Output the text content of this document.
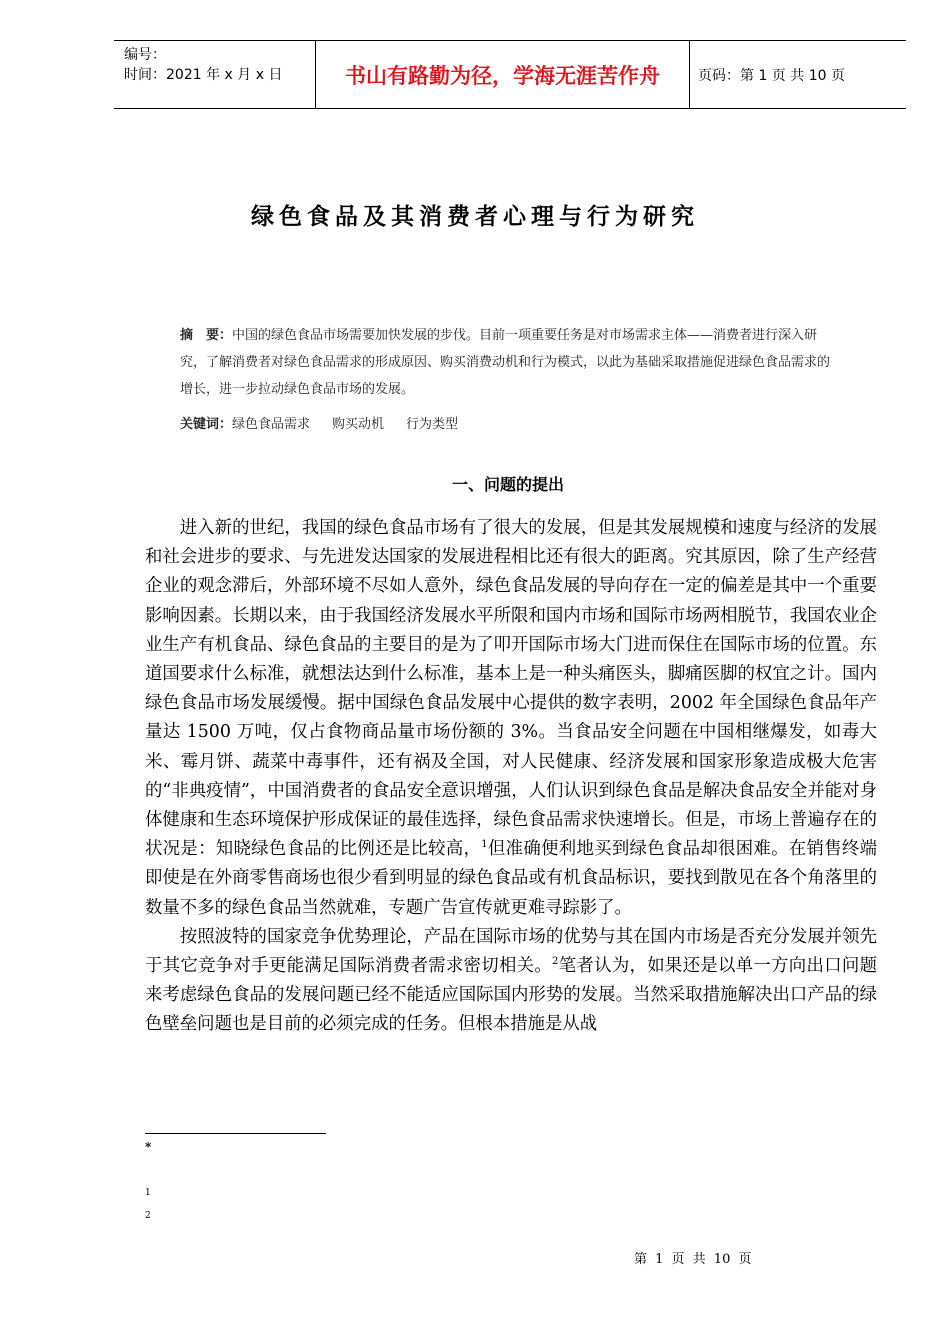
编号：
时间：2021 年 x 月 x 日	书山有路勤为径，学海无涯苦作舟	页码：第 1 页 共 10 页
绿色食品及其消费者心理与行为研究
摘　要：中国的绿色食品市场需要加快发展的步伐。目前一项重要任务是对市场需求主体——消费者进行深入研究，了解消费者对绿色食品需求的形成原因、购买消费动机和行为模式，以此为基础采取措施促进绿色食品需求的增长，进一步拉动绿色食品市场的发展。
关键词：绿色食品需求 购买动机 行为类型
一、问题的提出

进入新的世纪，我国的绿色食品市场有了很大的发展，但是其发展规模和速度与经济的发展和社会进步的要求、与先进发达国家的发展进程相比还有很大的距离。究其原因，除了生产经营企业的观念滞后，外部环境不尽如人意外，绿色食品发展的导向存在一定的偏差是其中一个重要影响因素。长期以来，由于我国经济发展水平所限和国内市场和国际市场两相脱节，我国农业企业生产有机食品、绿色食品的主要目的是为了叩开国际市场大门进而保住在国际市场的位置。东道国要求什么标准，就想法达到什么标准，基本上是一种头痛医头，脚痛医脚的权宜之计。国内绿色食品市场发展缓慢。据中国绿色食品发展中心提供的数字表明，2002 年全国绿色食品年产量达 1500 万吨，仅占食物商品量市场份额的 3%。当食品安全问题在中国相继爆发，如毒大米、霉月饼、蔬菜中毒事件，还有祸及全国，对人民健康、经济发展和国家形象造成极大危害的“非典疫情”，中国消费者的食品安全意识增强，人们认识到绿色食品是解决食品安全并能对身体健康和生态环境保护形成保证的最佳选择，绿色食品需求快速增长。但是，市场上普遍存在的状况是：知晓绿色食品的比例还是比较高，$^1$但准确便利地买到绿色食品却很困难。在销售终端即使是在外商零售商场也很少看到明显的绿色食品或有机食品标识，要找到散见在各个角落里的数量不多的绿色食品当然就难，专题广告宣传就更难寻踪影了。

按照波特的国家竞争优势理论，产品在国际市场的优势与其在国内市场是否充分发展并领先于其它竞争对手更能满足国际消费者需求密切相关。$^2$笔者认为，如果还是以单一方向出口问题来考虑绿色食品的发展问题已经不能适应国际国内形势的发展。当然采取措施解决出口产品的绿色壁垒问题也是目前的必须完成的任务。但根本措施是从战

*
1
2
第 1 页 共 10 页
